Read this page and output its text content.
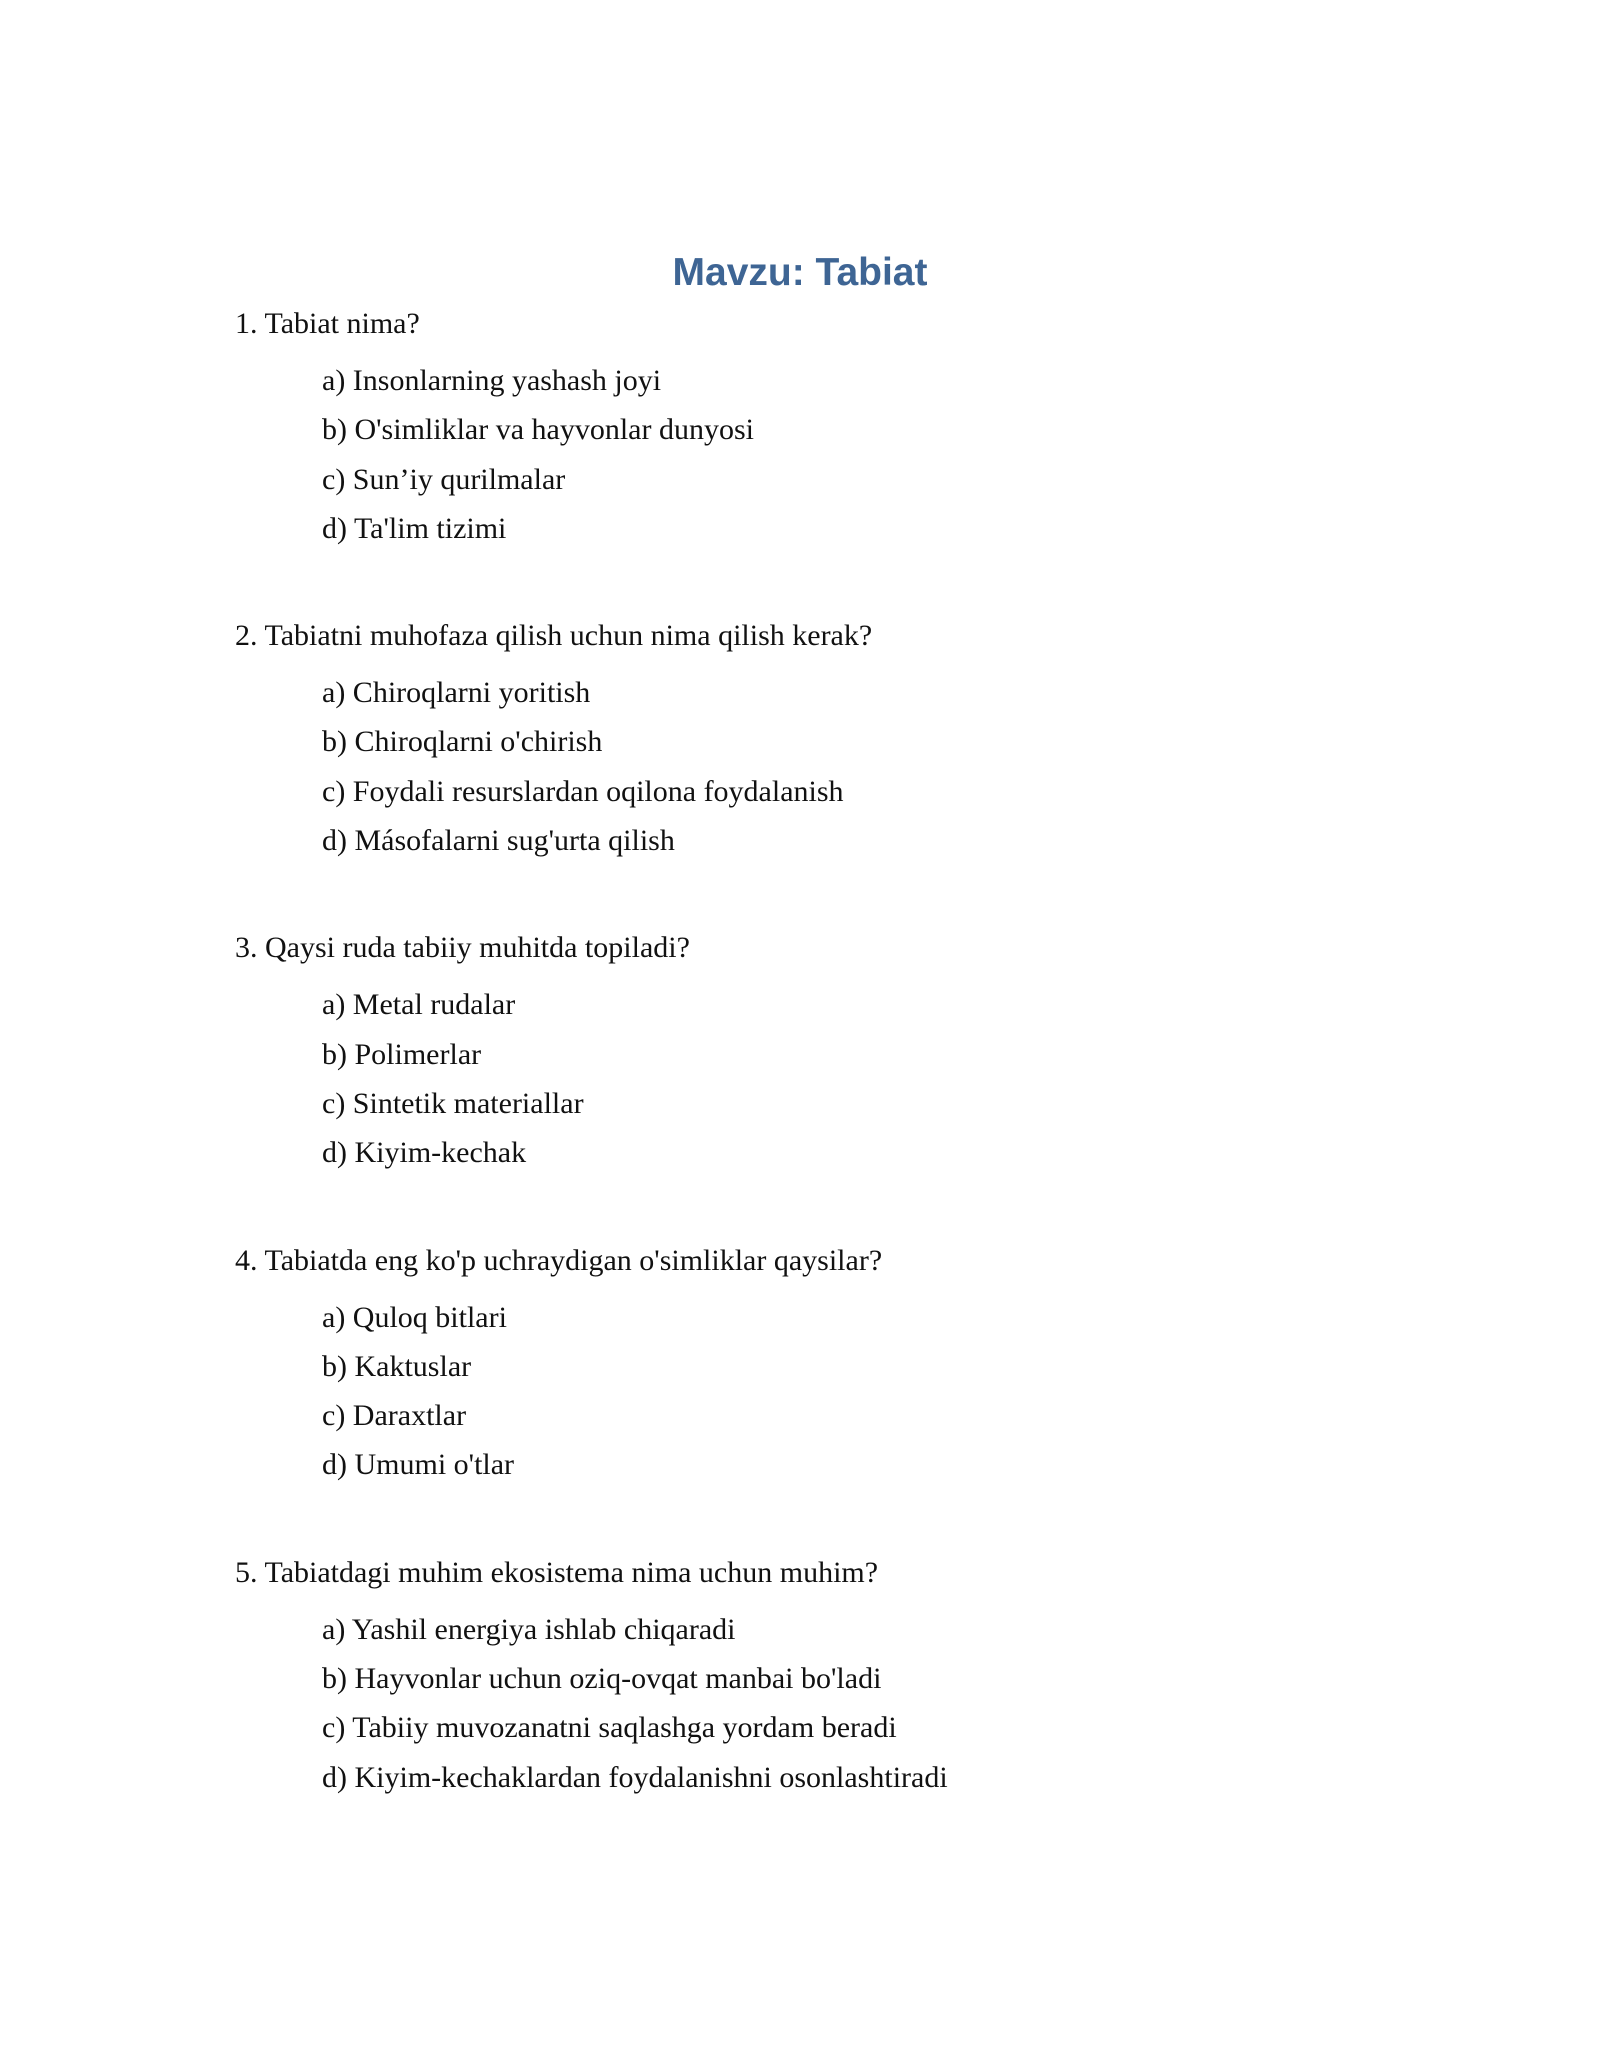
Mavzu: Tabiat

1. Tabiat nima?

a) Insonlarning yashash joyi
b) O'simliklar va hayvonlar dunyosi
c) Sun’iy qurilmalar
d) Ta'lim tizimi

2. Tabiatni muhofaza qilish uchun nima qilish kerak?

a) Chiroqlarni yoritish
b) Chiroqlarni o'chirish
c) Foydali resurslardan oqilona foydalanish
d) Másofalarni sug'urta qilish

3. Qaysi ruda tabiiy muhitda topiladi?

a) Metal rudalar
b) Polimerlar
c) Sintetik materiallar
d) Kiyim-kechak

4. Tabiatda eng ko'p uchraydigan o'simliklar qaysilar?

a) Quloq bitlari
b) Kaktuslar
c) Daraxtlar
d) Umumi o'tlar

5. Tabiatdagi muhim ekosistema nima uchun muhim?

a) Yashil energiya ishlab chiqaradi
b) Hayvonlar uchun oziq-ovqat manbai bo'ladi
c) Tabiiy muvozanatni saqlashga yordam beradi
d) Kiyim-kechaklardan foydalanishni osonlashtiradi
